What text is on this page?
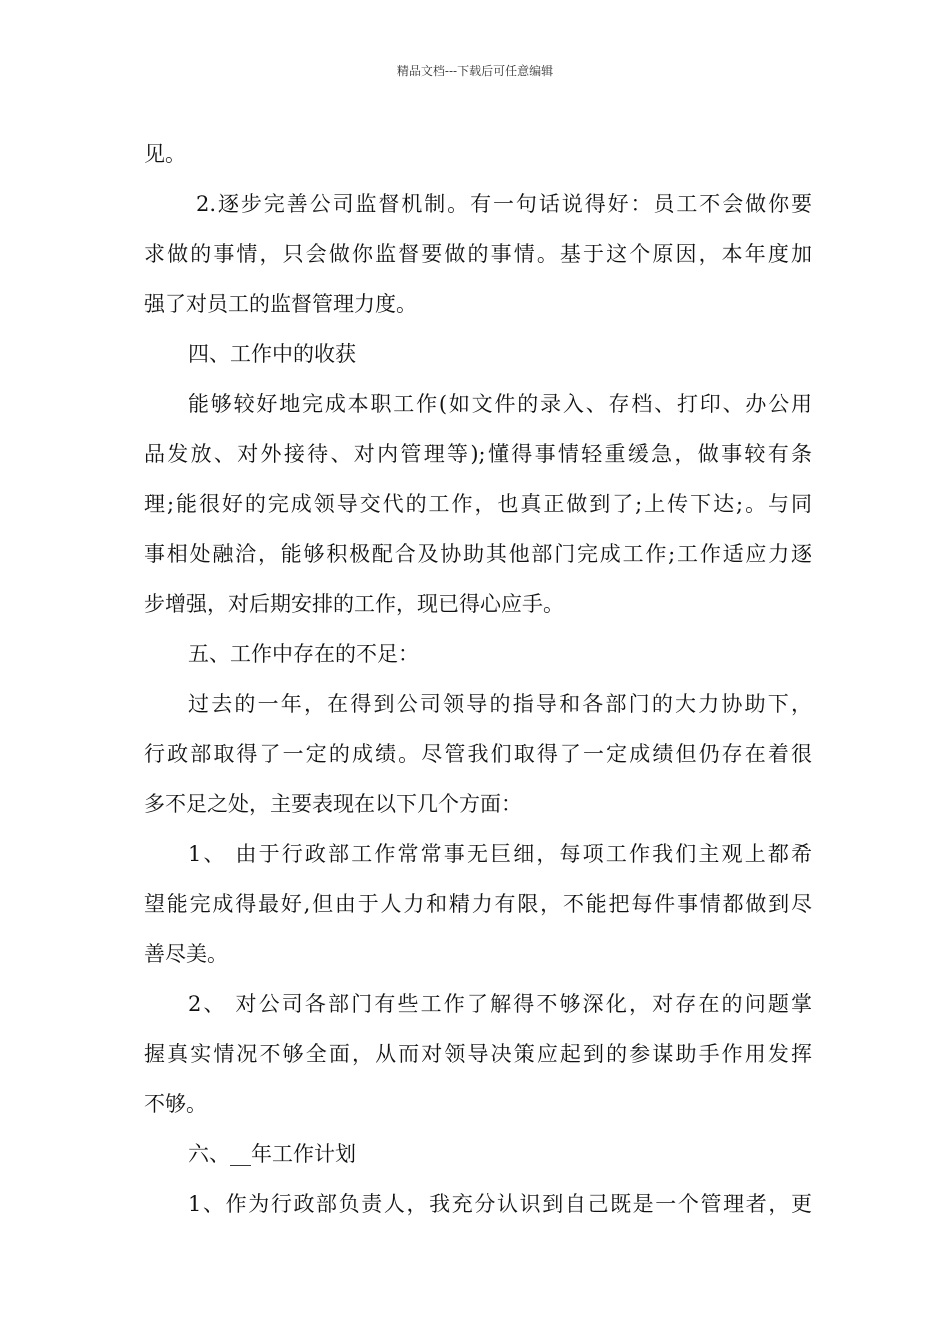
精品文档---下载后可任意编辑
见。
2.逐步完善公司监督机制。有一句话说得好：员工不会做你要
求做的事情，只会做你监督要做的事情。基于这个原因，本年度加
强了对员工的监督管理力度。
四、工作中的收获
能够较好地完成本职工作(如文件的录入、存档、打印、办公用
品发放、对外接待、对内管理等);懂得事情轻重缓急，做事较有条
理;能很好的完成领导交代的工作，也真正做到了;上传下达;。与同
事相处融洽，能够积极配合及协助其他部门完成工作;工作适应力逐
步增强，对后期安排的工作，现已得心应手。
五、工作中存在的不足：
过去的一年，在得到公司领导的指导和各部门的大力协助下，
行政部取得了一定的成绩。尽管我们取得了一定成绩但仍存在着很
多不足之处，主要表现在以下几个方面：
1、 由于行政部工作常常事无巨细，每项工作我们主观上都希
望能完成得最好,但由于人力和精力有限，不能把每件事情都做到尽
善尽美。
2、 对公司各部门有些工作了解得不够深化，对存在的问题掌
握真实情况不够全面，从而对领导决策应起到的参谋助手作用发挥
不够。
六、__年工作计划
1、作为行政部负责人，我充分认识到自己既是一个管理者，更
